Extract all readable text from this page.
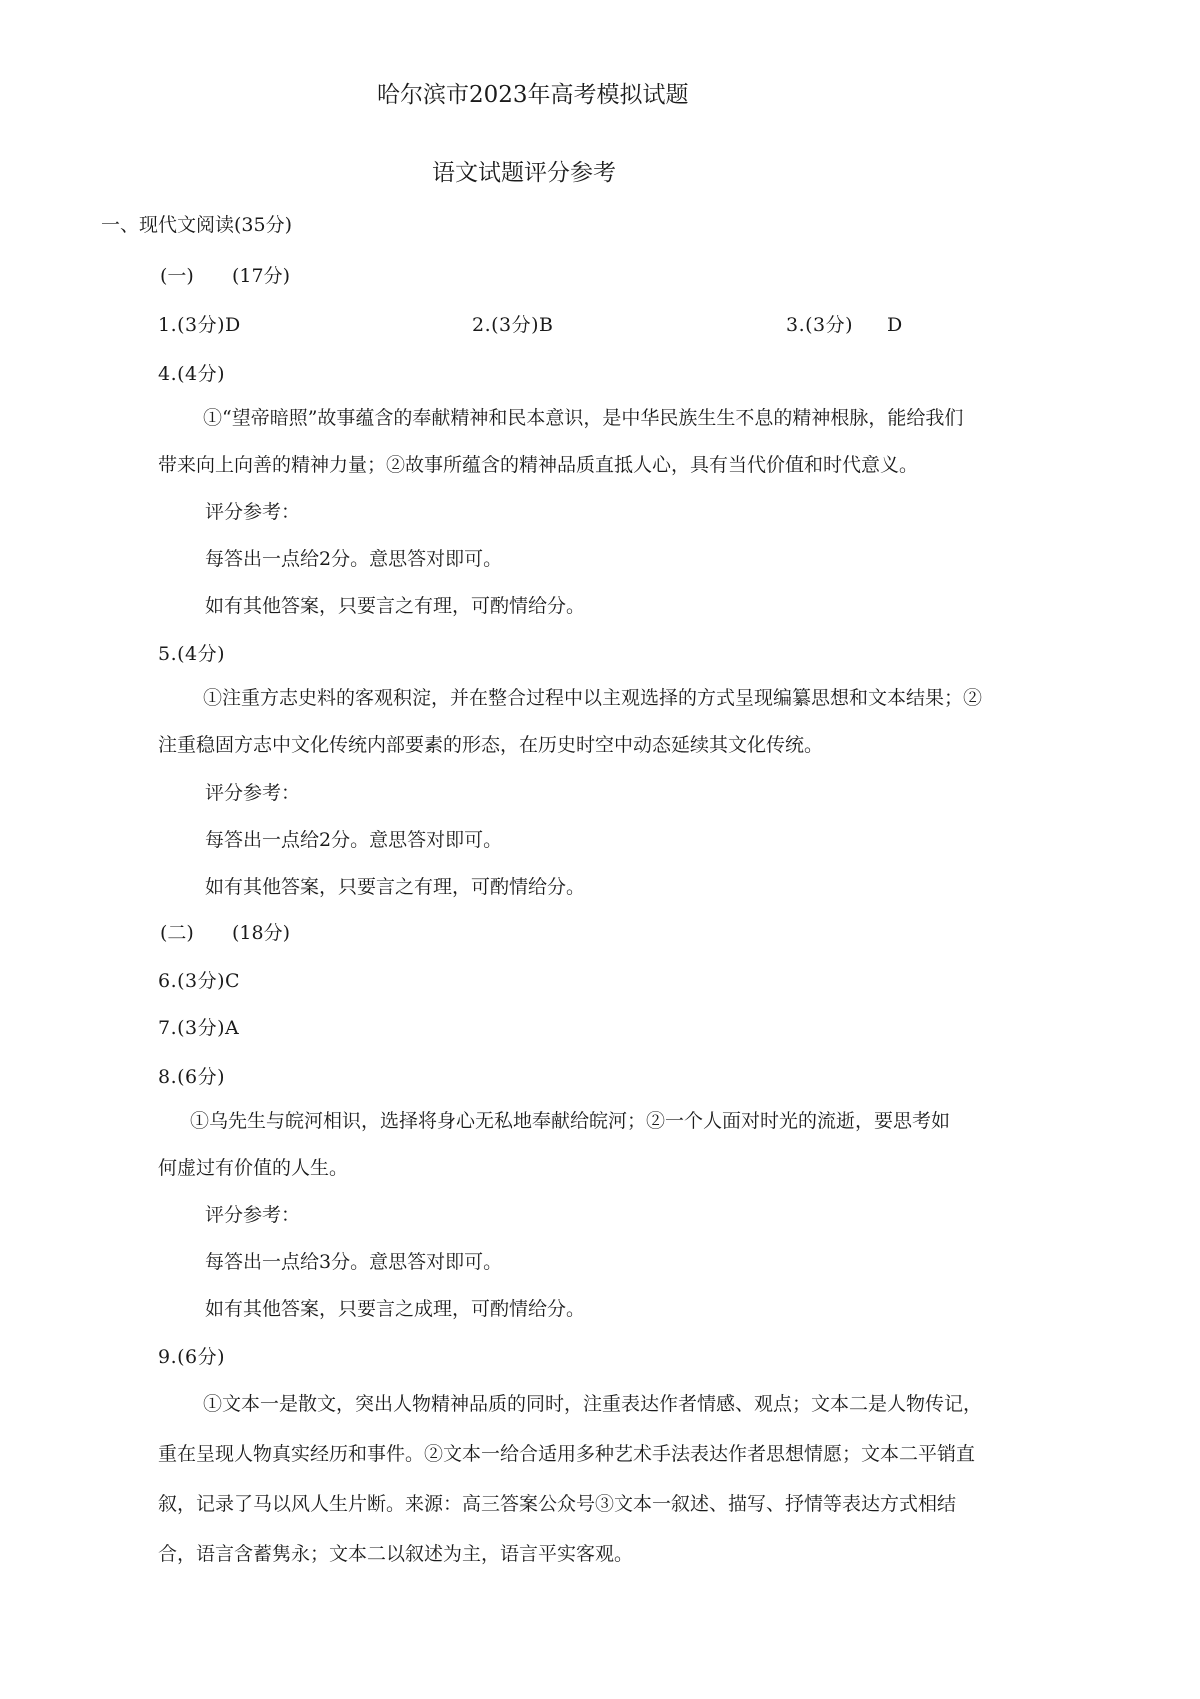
哈尔滨市2023年高考模拟试题
语文试题评分参考
一、现代文阅读(35分)
(一) (17分)
1.(3分)D	2.(3分)B	3.(3分) D
4.(4分)
①“望帝暗照”故事蕴含的奉献精神和民本意识，是中华民族生生不息的精神根脉，能给我们
带来向上向善的精神力量；②故事所蕴含的精神品质直抵人心，具有当代价值和时代意义。
评分参考：
每答出一点给2分。意思答对即可。
如有其他答案，只要言之有理，可酌情给分。
5.(4分)
①注重方志史料的客观积淀，并在整合过程中以主观选择的方式呈现编纂思想和文本结果；②
注重稳固方志中文化传统内部要素的形态，在历史时空中动态延续其文化传统。
评分参考：
每答出一点给2分。意思答对即可。
如有其他答案，只要言之有理，可酌情给分。
(二) (18分)
6.(3分)C
7.(3分)A
8.(6分)
①乌先生与皖河相识，选择将身心无私地奉献给皖河；②一个人面对时光的流逝，要思考如
何虚过有价值的人生。
评分参考：
每答出一点给3分。意思答对即可。
如有其他答案，只要言之成理，可酌情给分。
9.(6分)
①文本一是散文，突出人物精神品质的同时，注重表达作者情感、观点；文本二是人物传记，
重在呈现人物真实经历和事件。②文本一给合适用多种艺术手法表达作者思想情愿；文本二平销直
叙，记录了马以风人生片断。来源：高三答案公众号③文本一叙述、描写、抒情等表达方式相结
合，语言含蓄隽永；文本二以叙述为主，语言平实客观。
